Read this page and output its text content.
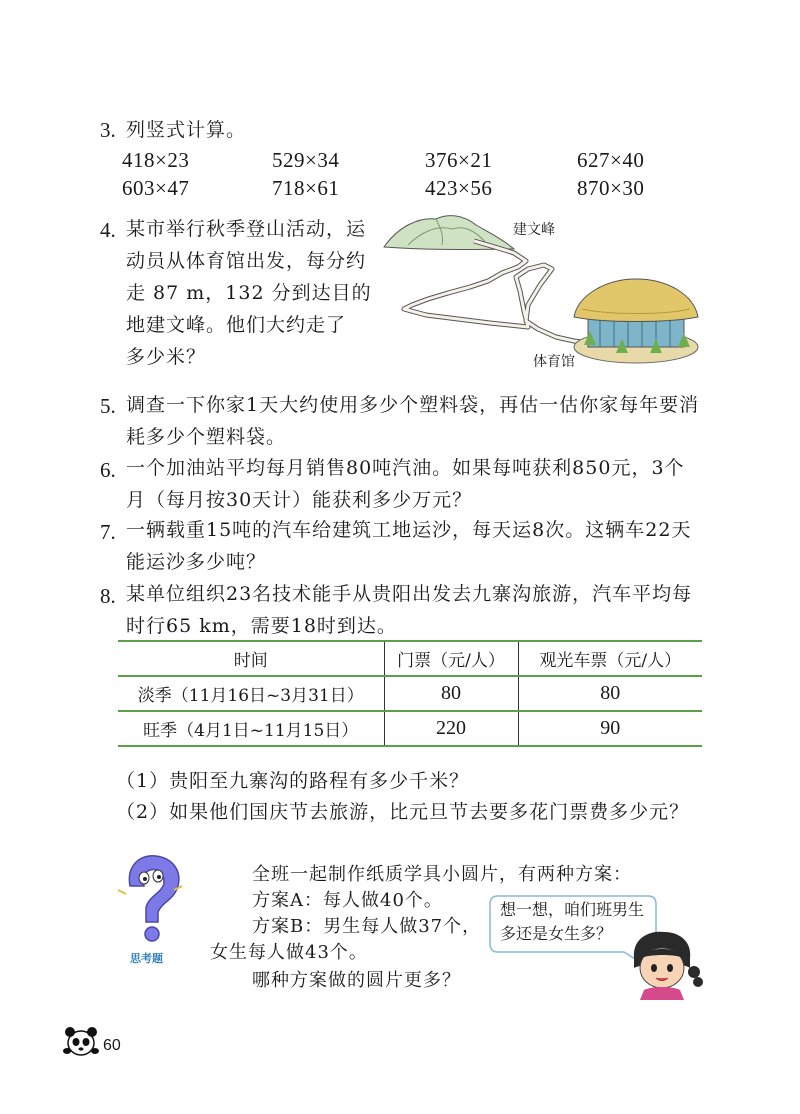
3. 列竖式计算。
418×23	529×34	376×21	627×40
603×47	718×61	423×56	870×30
4. 某市举行秋季登山活动，运
动员从体育馆出发，每分约
走 87 m，132 分到达目的
地建文峰。他们大约走了
多少米？
建文峰
体育馆
5. 调查一下你家1天大约使用多少个塑料袋，再估一估你家每年要消
耗多少个塑料袋。
6. 一个加油站平均每月销售80吨汽油。如果每吨获利850元，3个
月（每月按30天计）能获利多少万元？
7. 一辆载重15吨的汽车给建筑工地运沙，每天运8次。这辆车22天
能运沙多少吨？
8. 某单位组织23名技术能手从贵阳出发去九寨沟旅游，汽车平均每
时行65 km，需要18时到达。
时间	门票（元/人）	观光车票（元/人）
淡季（11月16日~3月31日）	80	80
旺季（4月1日~11月15日）	220	90
（1）贵阳至九寨沟的路程有多少千米？
（2）如果他们国庆节去旅游，比元旦节去要多花门票费多少元？
思考题
全班一起制作纸质学具小圆片，有两种方案：
方案A：每人做40个。
方案B：男生每人做37个，
女生每人做43个。
哪种方案做的圆片更多？
想一想，咱们班男生
多还是女生多？
60
